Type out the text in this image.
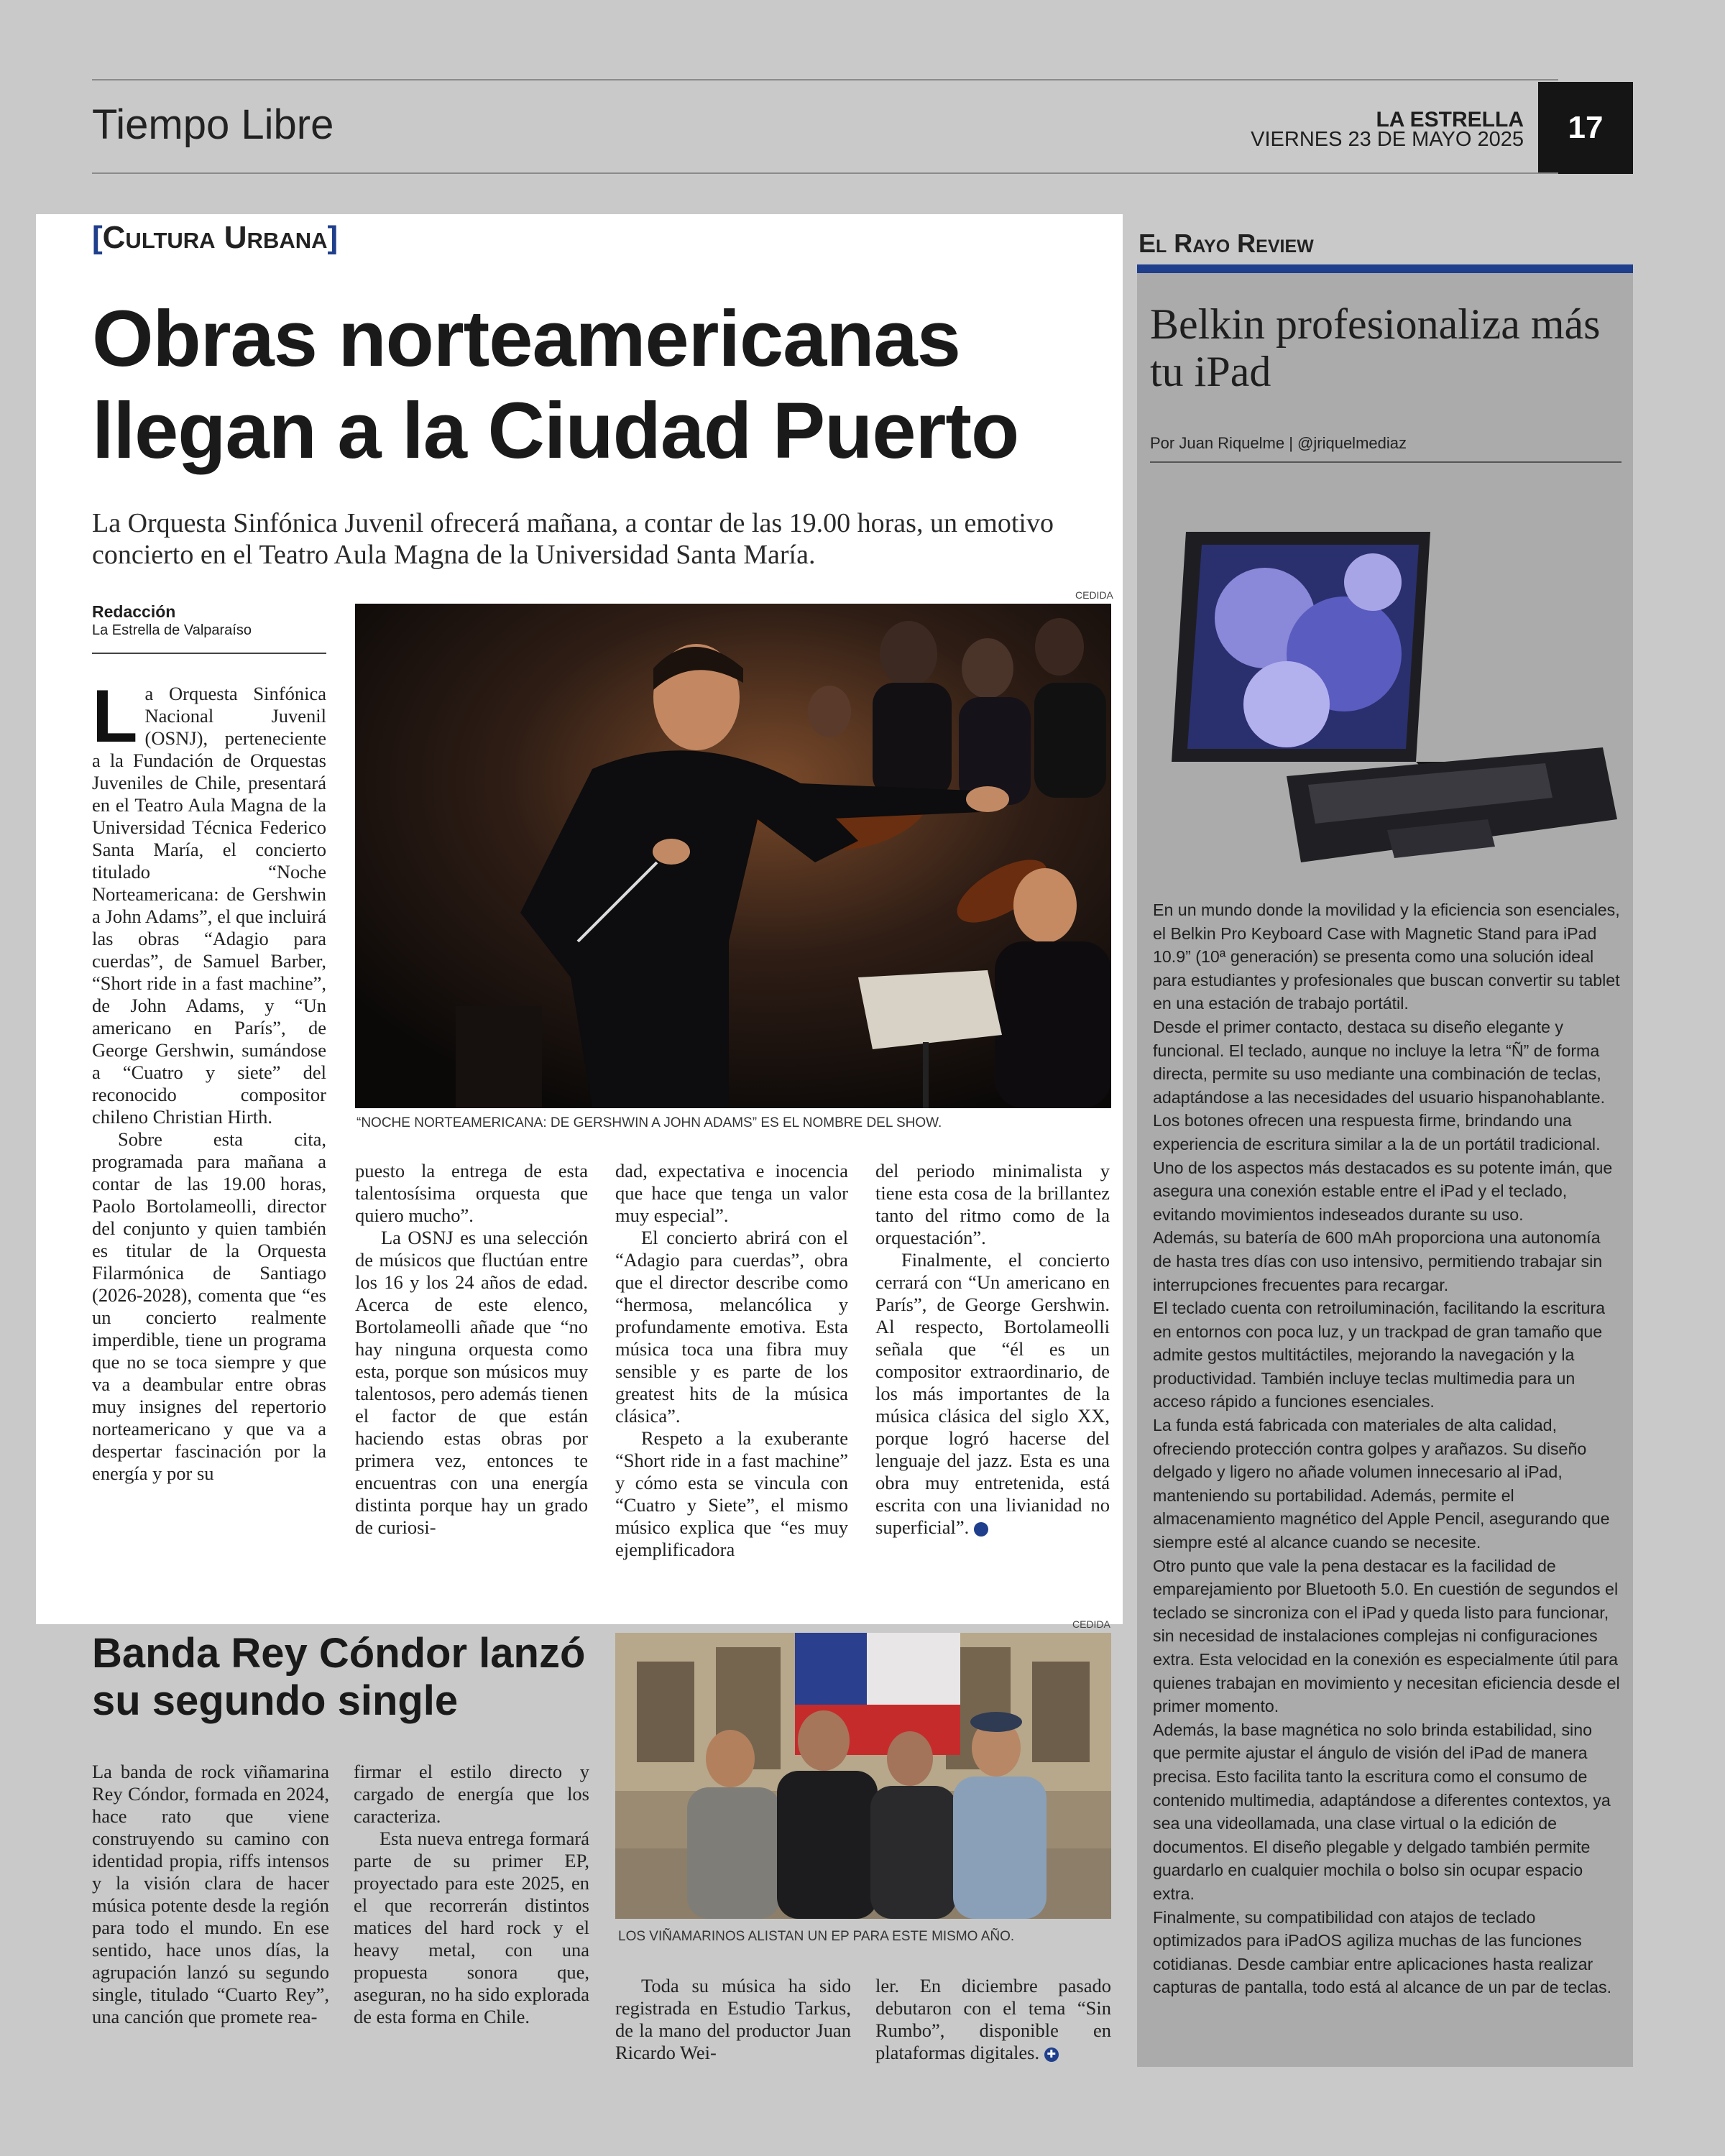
Tiempo Libre	LA ESTRELLA
VIERNES 23 DE MAYO 2025	17
[Cultura Urbana]
Obras norteamericanas llegan a la Ciudad Puerto
La Orquesta Sinfónica Juvenil ofrecerá mañana, a contar de las 19.00 horas, un emotivo concierto en el Teatro Aula Magna de la Universidad Santa María.
Redacción
La Estrella de Valparaíso
CEDIDA
“NOCHE NORTEAMERICANA: DE GERSHWIN A JOHN ADAMS” ES EL NOMBRE DEL SHOW.

La Orquesta Sinfónica Nacional Juvenil (OSNJ), perteneciente a la Fundación de Orquestas Juveniles de Chile, presentará en el Teatro Aula Magna de la Universidad Técnica Federico Santa María, el concierto titulado “Noche Norteamericana: de Gershwin a John Adams”, el que incluirá las obras “Adagio para cuerdas”, de Samuel Barber, “Short ride in a fast machine”, de John Adams, y “Un americano en París”, de George Gershwin, sumándose a “Cuatro y siete” del reconocido compositor chileno Christian Hirth.

Sobre esta cita, programada para mañana a contar de las 19.00 horas, Paolo Bortolameolli, director del conjunto y quien también es titular de la Orquesta Filarmónica de Santiago (2026-2028), comenta que “es un concierto realmente imperdible, tiene un programa que no se toca siempre y que va a deambular entre obras muy insignes del repertorio norteamericano y que va a despertar fascinación por la energía y por su

puesto la entrega de esta talentosísima orquesta que quiero mucho”.

La OSNJ es una selección de músicos que fluctúan entre los 16 y los 24 años de edad. Acerca de este elenco, Bortolameolli añade que “no hay ninguna orquesta como esta, porque son músicos muy talentosos, pero además tienen el factor de que están haciendo estas obras por primera vez, entonces te encuentras con una energía distinta porque hay un grado de curiosi-

dad, expectativa e inocencia que hace que tenga un valor muy especial”.

El concierto abrirá con el “Adagio para cuerdas”, obra que el director describe como “hermosa, melancólica y profundamente emotiva. Esta música toca una fibra muy sensible y es parte de los greatest hits de la música clásica”.

Respeto a la exuberante “Short ride in a fast machine” y cómo esta se vincula con “Cuatro y Siete”, el mismo músico explica que “es muy ejemplificadora

del periodo minimalista y tiene esta cosa de la brillantez tanto del ritmo como de la orquestación”.

Finalmente, el concierto cerrará con “Un americano en París”, de George Gershwin. Al respecto, Bortolameolli señala que “él es un compositor extraordinario, de los más importantes de la música clásica del siglo XX, porque logró hacerse del lenguaje del jazz. Esta es una obra muy entretenida, está escrita con una livianidad no superficial”.	✚

Banda Rey Cóndor lanzó su segundo single
CEDIDA
LOS VIÑAMARINOS ALISTAN UN EP PARA ESTE MISMO AÑO.

La banda de rock viñamarina Rey Cóndor, formada en 2024, hace rato que viene construyendo su camino con identidad propia, riffs intensos y la visión clara de hacer música potente desde la región para todo el mundo. En ese sentido, hace unos días, la agrupación lanzó su segundo single, titulado “Cuarto Rey”, una canción que promete rea-

firmar el estilo directo y cargado de energía que los caracteriza.

Esta nueva entrega formará parte de su primer EP, proyectado para este 2025, en el que recorrerán distintos matices del hard rock y el heavy metal, con una propuesta sonora que, aseguran, no ha sido explorada de esta forma en Chile.

Toda su música ha sido registrada en Estudio Tarkus, de la mano del productor Juan Ricardo Wei-

ler. En diciembre pasado debutaron con el tema “Sin Rumbo”, disponible en plataformas digitales. ✚

El Rayo Review
Belkin profesionaliza más tu iPad
Por Juan Riquelme | @jriquelmediaz

En un mundo donde la movilidad y la eficiencia son esenciales, el Belkin Pro Keyboard Case with Magnetic Stand para iPad 10.9” (10ª generación) se presenta como una solución ideal para estudiantes y profesionales que buscan convertir su tablet en una estación de trabajo portátil.

Desde el primer contacto, destaca su diseño elegante y funcional. El teclado, aunque no incluye la letra “Ñ” de forma directa, permite su uso mediante una combinación de teclas, adaptándose a las necesidades del usuario hispanohablante. Los botones ofrecen una respuesta firme, brindando una experiencia de escritura similar a la de un portátil tradicional.

Uno de los aspectos más destacados es su potente imán, que asegura una conexión estable entre el iPad y el teclado, evitando movimientos indeseados durante su uso.

Además, su batería de 600 mAh proporciona una autonomía de hasta tres días con uso intensivo, permitiendo trabajar sin interrupciones frecuentes para recargar.

El teclado cuenta con retroiluminación, facilitando la escritura en entornos con poca luz, y un trackpad de gran tamaño que admite gestos multitáctiles, mejorando la navegación y la productividad. También incluye teclas multimedia para un acceso rápido a funciones esenciales.

La funda está fabricada con materiales de alta calidad, ofreciendo protección contra golpes y arañazos. Su diseño delgado y ligero no añade volumen innecesario al iPad, manteniendo su portabilidad. Además, permite el almacenamiento magnético del Apple Pencil, asegurando que siempre esté al alcance cuando se necesite.

Otro punto que vale la pena destacar es la facilidad de emparejamiento por Bluetooth 5.0. En cuestión de segundos el teclado se sincroniza con el iPad y queda listo para funcionar, sin necesidad de instalaciones complejas ni configuraciones extra. Esta velocidad en la conexión es especialmente útil para quienes trabajan en movimiento y necesitan eficiencia desde el primer momento.

Además, la base magnética no solo brinda estabilidad, sino que permite ajustar el ángulo de visión del iPad de manera precisa. Esto facilita tanto la escritura como el consumo de contenido multimedia, adaptándose a diferentes contextos, ya sea una videollamada, una clase virtual o la edición de documentos. El diseño plegable y delgado también permite guardarlo en cualquier mochila o bolso sin ocupar espacio extra.

Finalmente, su compatibilidad con atajos de teclado optimizados para iPadOS agiliza muchas de las funciones cotidianas. Desde cambiar entre aplicaciones hasta realizar capturas de pantalla, todo está al alcance de un par de teclas.
